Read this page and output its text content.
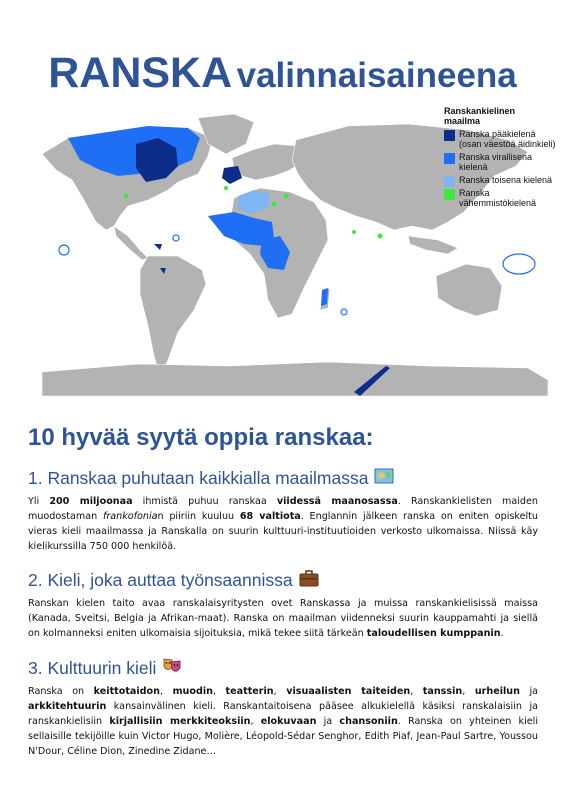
RANSKA valinnaisaineena
Ranskankielinen
maailma
Ranska pääkielenä (osan väestöä äidinkieli)
Ranska virallisena kielenä
Ranska toisena kielenä
Ranska vähemmistökielenä
10 hyvää syytä oppia ranskaa:
1. Ranskaa puhutaan kaikkialla maailmassa

Yli 200 miljoonaa ihmistä puhuu ranskaa viidessä maanosassa. Ranskankielisten maiden muodostaman frankofonian piiriin kuuluu 68 valtiota. Englannin jälkeen ranska on eniten opiskeltu vieras kieli maailmassa ja Ranskalla on suurin kulttuuri-instituutioiden verkosto ulkomaissa. Niissä käy kielikurssilla 750 000 henkilöä.

2. Kieli, joka auttaa työnsaannissa

Ranskan kielen taito avaa ranskalaisyritysten ovet Ranskassa ja muissa ranskankielisissä maissa (Kanada, Sveitsi, Belgia ja Afrikan-maat). Ranska on maailman viidenneksi suurin kauppamahti ja siellä on kolmanneksi eniten ulkomaisia sijoituksia, mikä tekee siitä tärkeän taloudellisen kumppanin.

3. Kulttuurin kieli

Ranska on keittotaidon, muodin, teatterin, visuaalisten taiteiden, tanssin, urheilun ja arkkitehtuurin kansainvälinen kieli. Ranskantaitoisena pääsee alkukielellä käsiksi ranskalaisiin ja ranskankielisiin kirjallisiin merkkiteoksiin, elokuvaan ja chansoniin. Ranska on yhteinen kieli sellaisille tekijöille kuin Victor Hugo, Molière, Léopold-Sédar Senghor, Edith Piaf, Jean-Paul Sartre, Youssou N'Dour, Céline Dion, Zinedine Zidane…
